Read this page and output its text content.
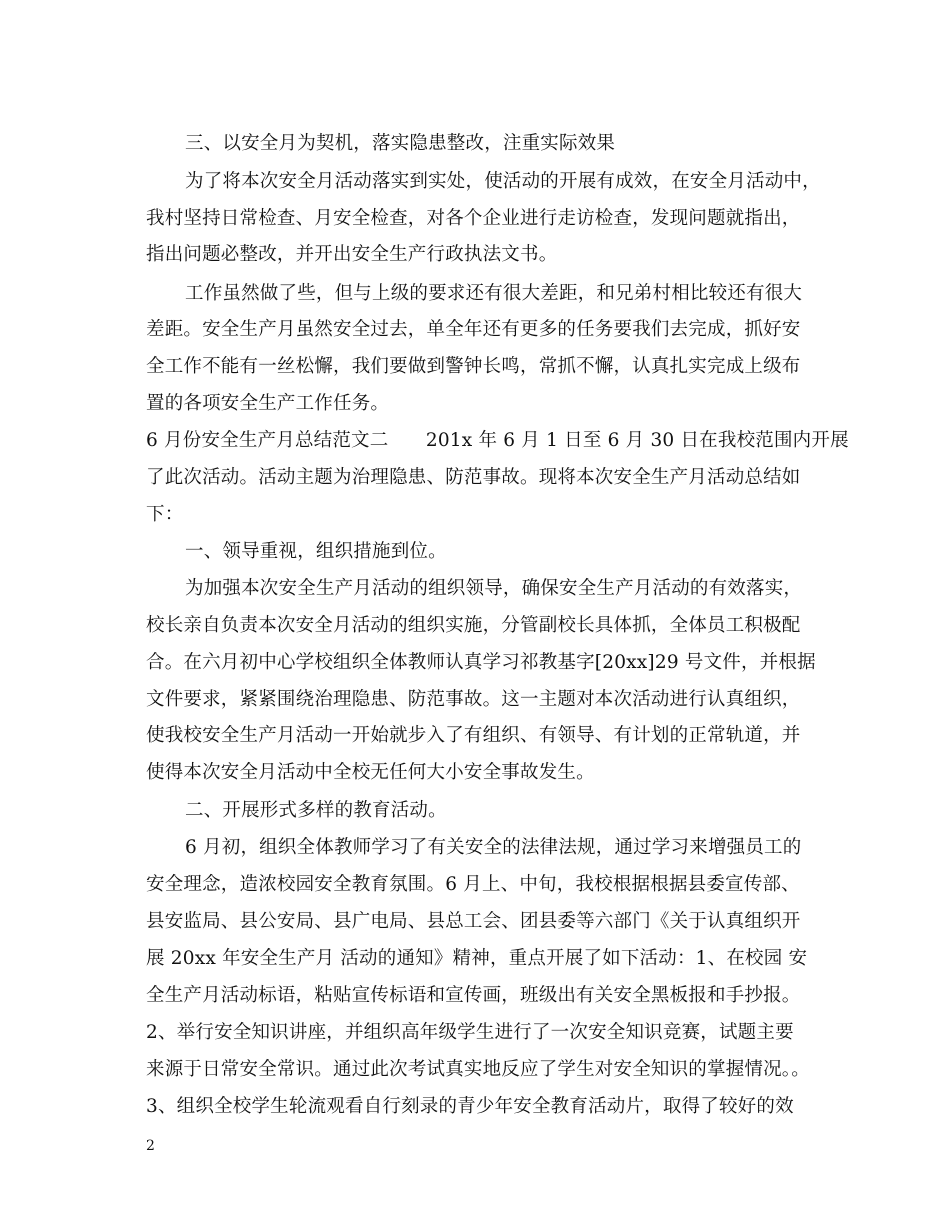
三、以安全月为契机，落实隐患整改，注重实际效果
为了将本次安全月活动落实到实处，使活动的开展有成效，在安全月活动中，
我村坚持日常检查、月安全检查，对各个企业进行走访检查，发现问题就指出，
指出问题必整改，并开出安全生产行政执法文书。
工作虽然做了些，但与上级的要求还有很大差距，和兄弟村相比较还有很大
差距。安全生产月虽然安全过去，单全年还有更多的任务要我们去完成，抓好安
全工作不能有一丝松懈，我们要做到警钟长鸣，常抓不懈，认真扎实完成上级布
置的各项安全生产工作任务。
6 月份安全生产月总结范文二　　201x 年 6 月 1 日至 6 月 30 日在我校范围内开展
了此次活动。活动主题为治理隐患、防范事故。现将本次安全生产月活动总结如
下：
一、领导重视，组织措施到位。
为加强本次安全生产月活动的组织领导，确保安全生产月活动的有效落实，
校长亲自负责本次安全月活动的组织实施，分管副校长具体抓，全体员工积极配
合。在六月初中心学校组织全体教师认真学习祁教基字[20xx]29 号文件，并根据
文件要求，紧紧围绕治理隐患、防范事故。这一主题对本次活动进行认真组织，
使我校安全生产月活动一开始就步入了有组织、有领导、有计划的正常轨道，并
使得本次安全月活动中全校无任何大小安全事故发生。
二、开展形式多样的教育活动。
6 月初，组织全体教师学习了有关安全的法律法规，通过学习来增强员工的
安全理念，造浓校园安全教育氛围。6 月上、中旬，我校根据根据县委宣传部、
县安监局、县公安局、县广电局、县总工会、团县委等六部门《关于认真组织开
展 20xx 年安全生产月 活动的通知》精神，重点开展了如下活动：1、在校园 安
全生产月活动标语，粘贴宣传标语和宣传画，班级出有关安全黑板报和手抄报。
2、举行安全知识讲座，并组织高年级学生进行了一次安全知识竞赛，试题主要
来源于日常安全常识。通过此次考试真实地反应了学生对安全知识的掌握情况。。
3、组织全校学生轮流观看自行刻录的青少年安全教育活动片，取得了较好的效
2
